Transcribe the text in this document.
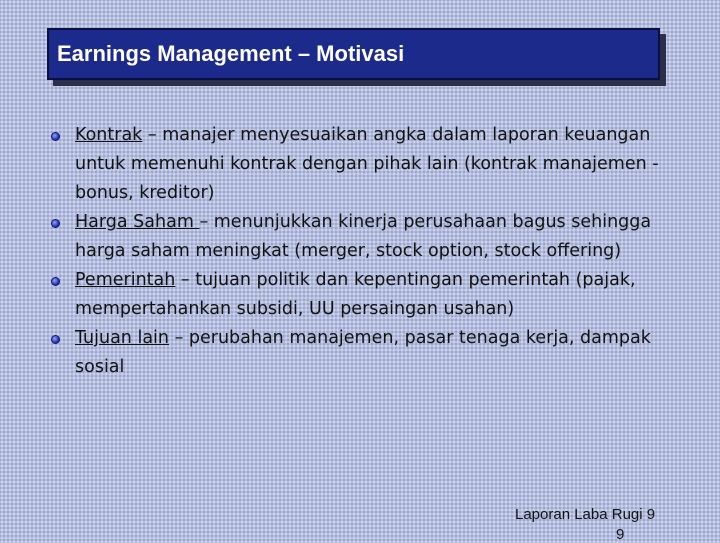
Earnings Management – Motivasi
Kontrak – manajer menyesuaikan angka dalam laporan keuangan untuk memenuhi kontrak dengan pihak lain (kontrak manajemen - bonus, kreditor)
Harga Saham – menunjukkan kinerja perusahaan bagus sehingga harga saham meningkat (merger, stock option, stock offering)
Pemerintah – tujuan politik dan kepentingan pemerintah (pajak, mempertahankan subsidi, UU persaingan usahan)
Tujuan lain – perubahan manajemen, pasar tenaga kerja, dampak sosial
Laporan Laba Rugi 9
9
